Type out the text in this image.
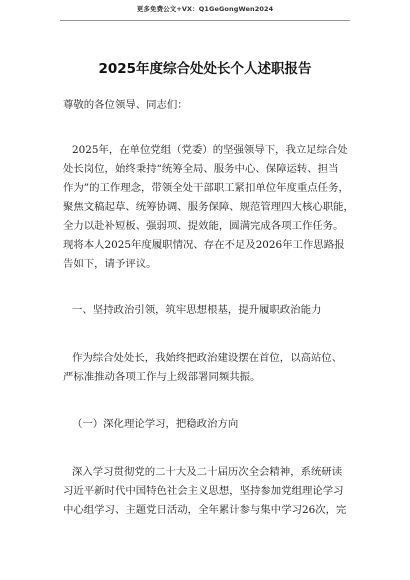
更多免费公文+VX：Q1GeGongWen2024
2025年度综合处处长个人述职报告
尊敬的各位领导、同志们：
2025年，在单位党组（党委）的坚强领导下，我立足综合处
处长岗位，始终秉持“统筹全局、服务中心、保障运转、担当
作为”的工作理念，带领全处干部职工紧扣单位年度重点任务，
聚焦文稿起草、统筹协调、服务保障、规范管理四大核心职能，
全力以赴补短板、强弱项、提效能，圆满完成各项工作任务。
现将本人2025年度履职情况、存在不足及2026年工作思路报
告如下，请予评议。
一、坚持政治引领，筑牢思想根基，提升履职政治能力
作为综合处处长，我始终把政治建设摆在首位，以高站位、
严标准推动各项工作与上级部署同频共振。
（一）深化理论学习，把稳政治方向
深入学习贯彻党的二十大及二十届历次全会精神，系统研读
习近平新时代中国特色社会主义思想，坚持参加党组理论学习
中心组学习、主题党日活动，全年累计参与集中学习26次，完
